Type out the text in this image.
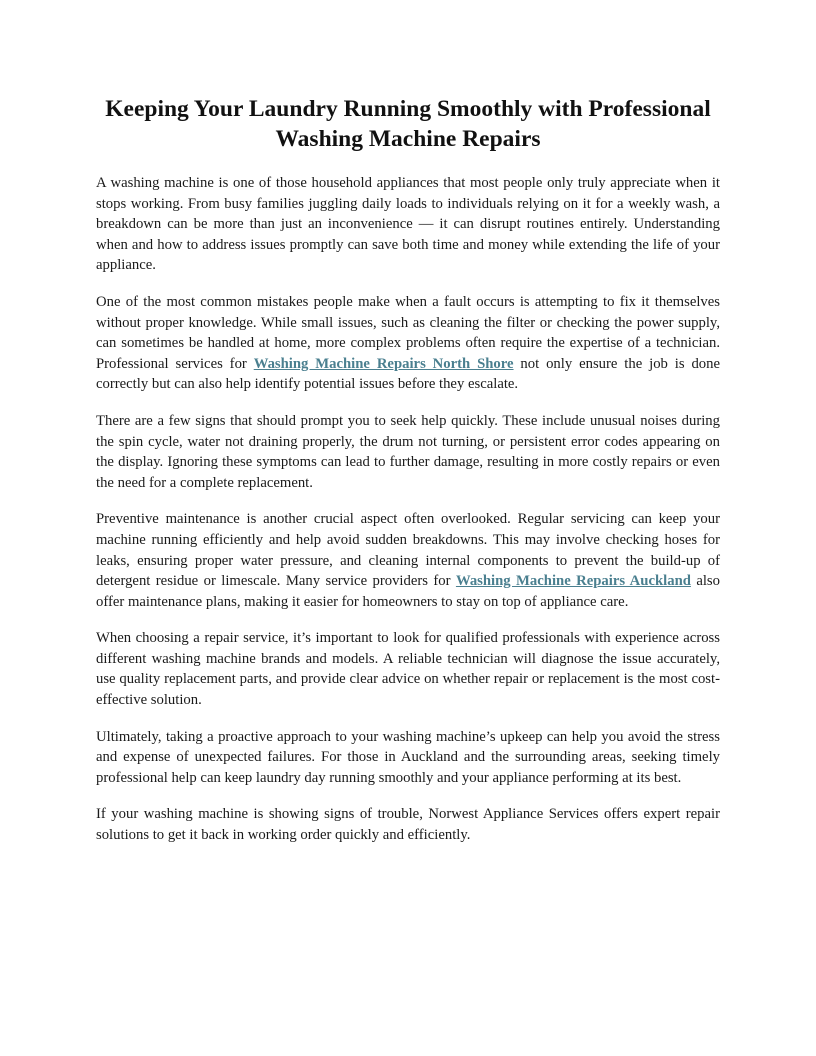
Keeping Your Laundry Running Smoothly with Professional Washing Machine Repairs

A washing machine is one of those household appliances that most people only truly appreciate when it stops working. From busy families juggling daily loads to individuals relying on it for a weekly wash, a breakdown can be more than just an inconvenience — it can disrupt routines entirely. Understanding when and how to address issues promptly can save both time and money while extending the life of your appliance.

One of the most common mistakes people make when a fault occurs is attempting to fix it themselves without proper knowledge. While small issues, such as cleaning the filter or checking the power supply, can sometimes be handled at home, more complex problems often require the expertise of a technician. Professional services for Washing Machine Repairs North Shore not only ensure the job is done correctly but can also help identify potential issues before they escalate.

There are a few signs that should prompt you to seek help quickly. These include unusual noises during the spin cycle, water not draining properly, the drum not turning, or persistent error codes appearing on the display. Ignoring these symptoms can lead to further damage, resulting in more costly repairs or even the need for a complete replacement.

Preventive maintenance is another crucial aspect often overlooked. Regular servicing can keep your machine running efficiently and help avoid sudden breakdowns. This may involve checking hoses for leaks, ensuring proper water pressure, and cleaning internal components to prevent the build-up of detergent residue or limescale. Many service providers for Washing Machine Repairs Auckland also offer maintenance plans, making it easier for homeowners to stay on top of appliance care.

When choosing a repair service, it’s important to look for qualified professionals with experience across different washing machine brands and models. A reliable technician will diagnose the issue accurately, use quality replacement parts, and provide clear advice on whether repair or replacement is the most cost-effective solution.

Ultimately, taking a proactive approach to your washing machine’s upkeep can help you avoid the stress and expense of unexpected failures. For those in Auckland and the surrounding areas, seeking timely professional help can keep laundry day running smoothly and your appliance performing at its best.

If your washing machine is showing signs of trouble, Norwest Appliance Services offers expert repair solutions to get it back in working order quickly and efficiently.
